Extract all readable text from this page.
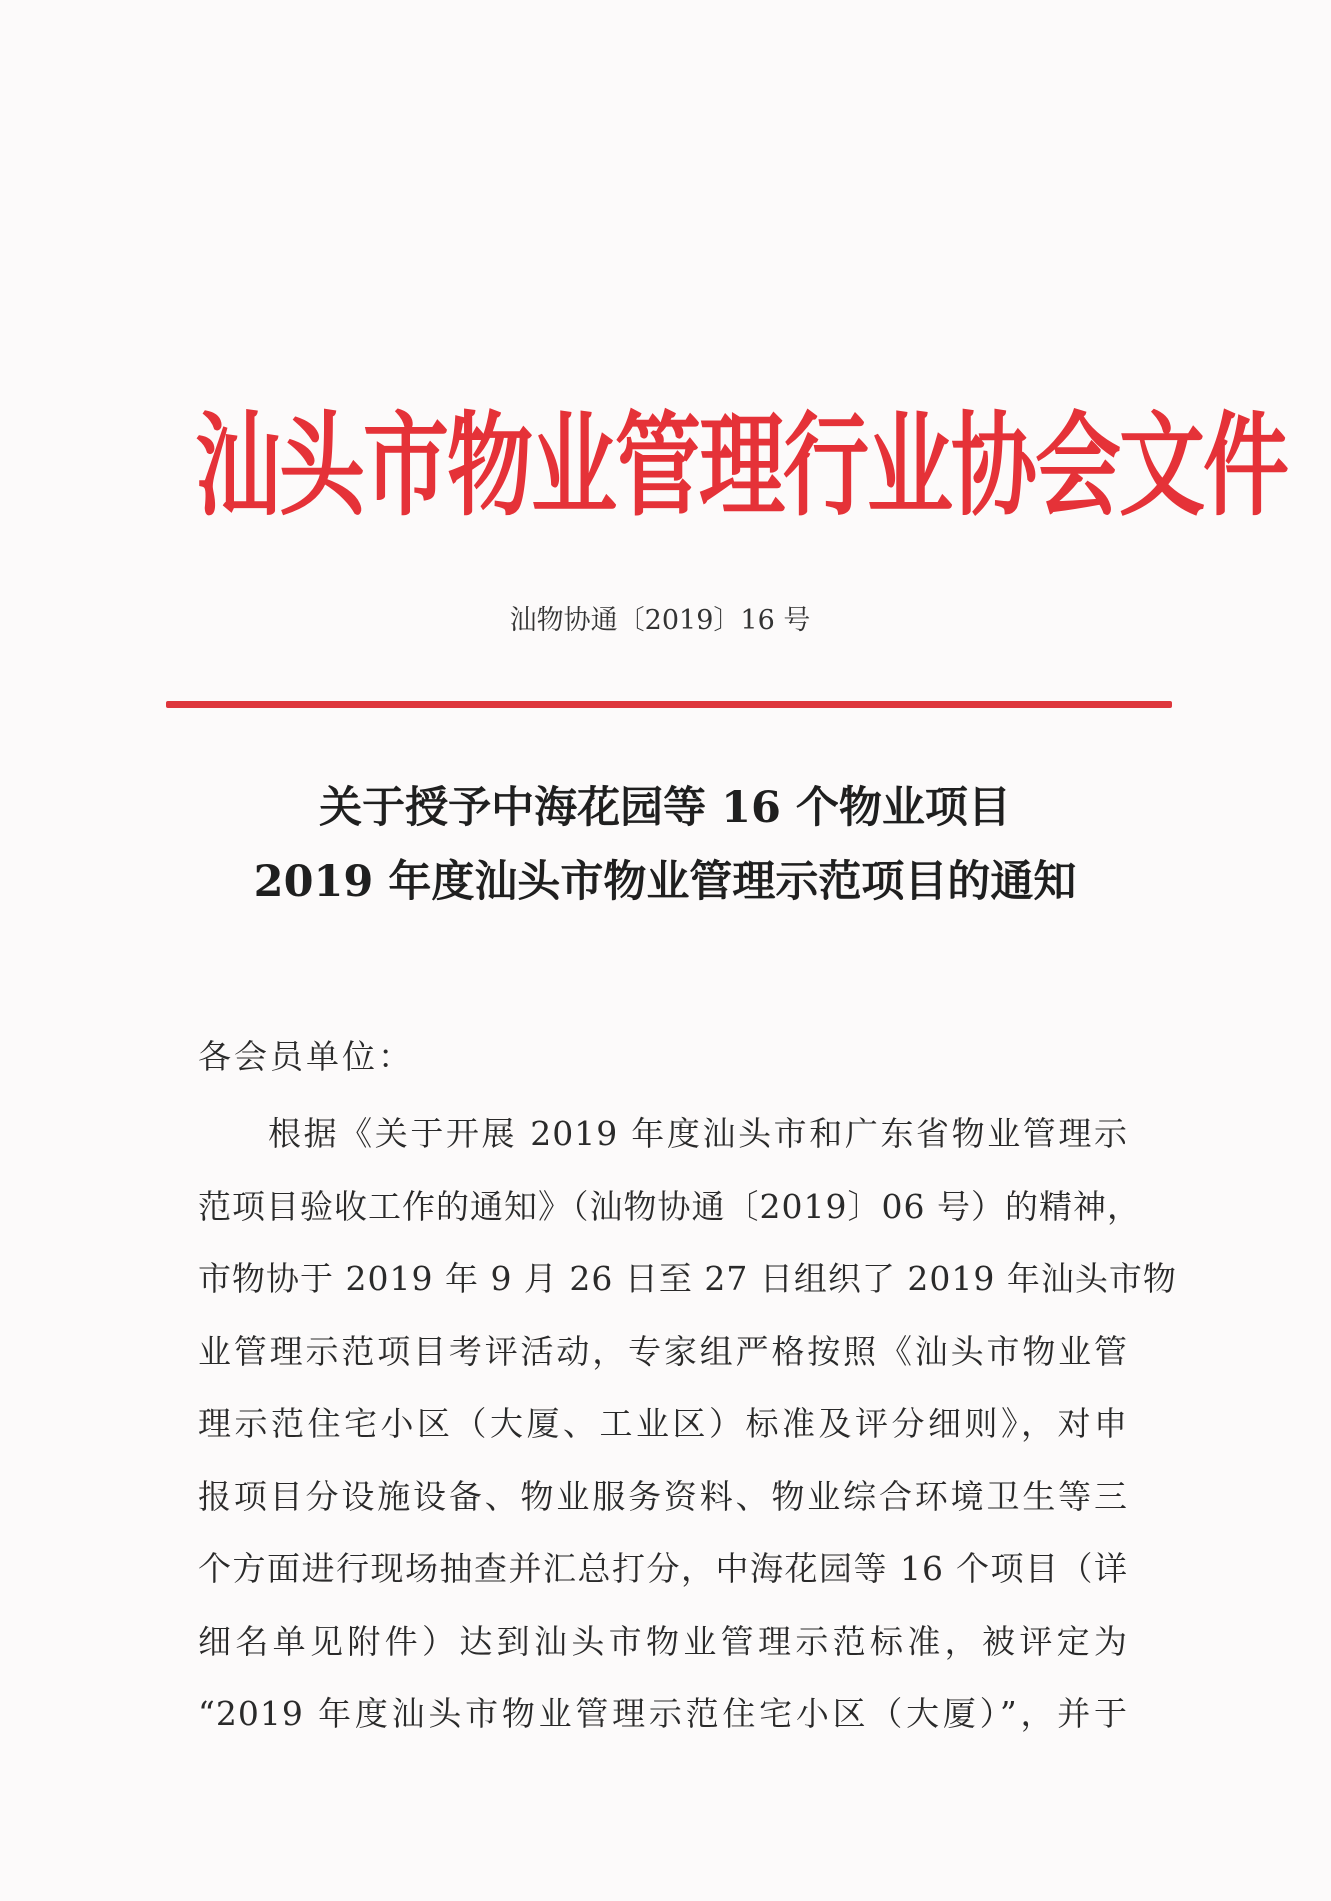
汕头市物业管理行业协会文件
汕物协通〔2019〕16 号
关于授予中海花园等 16 个物业项目
2019 年度汕头市物业管理示范项目的通知
各会员单位：
根据《关于开展 2019 年度汕头市和广东省物业管理示
范项目验收工作的通知》（汕物协通〔2019〕06 号）的精神，
市物协于 2019 年 9 月 26 日至 27 日组织了 2019 年汕头市物
业管理示范项目考评活动，专家组严格按照《汕头市物业管
理示范住宅小区（大厦、工业区）标准及评分细则》，对申
报项目分设施设备、物业服务资料、物业综合环境卫生等三
个方面进行现场抽查并汇总打分，中海花园等 16 个项目（详
细名单见附件）达到汕头市物业管理示范标准，被评定为
“2019 年度汕头市物业管理示范住宅小区（大厦）”，并于
